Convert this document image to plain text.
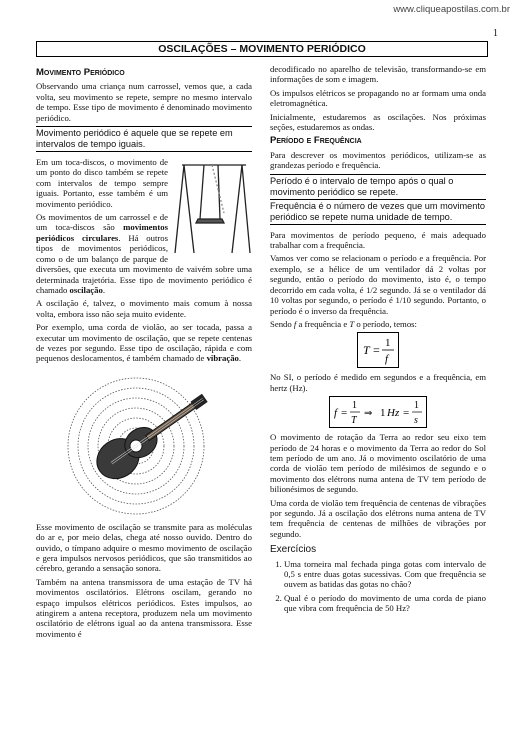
www.cliqueapostilas.com.br
1
OSCILAÇÕES – MOVIMENTO PERIÓDICO
Movimento Periódico

Observando uma criança num carrossel, vemos que, a cada volta, seu movimento se repete, sempre no mesmo intervalo de tempo. Esse tipo de movimento é denominado movimento periódico.

Movimento periódico é aquele que se repete em intervalos de tempo iguais.

Em um toca-discos, o movimento de um ponto do disco também se repete com intervalos de tempo sempre iguais. Portanto, esse também é um movimento periódico.

Os movimentos de um carrossel e de um toca-discos são movimentos periódicos circulares. Há outros tipos de movimentos periódicos, como o de um balanço de parque de diversões, que executa um movimento de vaivém sobre uma determinada trajetória. Esse tipo de movimento periódico é chamado oscilação.

A oscilação é, talvez, o movimento mais comum à nossa volta, embora isso não seja muito evidente.

Por exemplo, uma corda de violão, ao ser tocada, passa a executar um movimento de oscilação, que se repete centenas de vezes por segundo. Esse tipo de oscilação, rápida e com pequenos deslocamentos, é também chamado de vibração.

Esse movimento de oscilação se transmite para as moléculas do ar e, por meio delas, chega até nosso ouvido. Dentro do ouvido, o tímpano adquire o mesmo movimento de oscilação e gera impulsos nervosos periódicos, que são transmitidos ao cérebro, gerando a sensação sonora.

Também na antena transmissora de uma estação de TV há movimentos oscilatórios. Elétrons oscilam, gerando no espaço impulsos elétricos periódicos. Estes impulsos, ao atingirem a antena receptora, produzem nela um movimento oscilatório de elétrons igual ao da antena transmissora. Esse movimento é

decodificado no aparelho de televisão, transformando-se em informações de som e imagem.

Os impulsos elétricos se propagando no ar formam uma onda eletromagnética.

Inicialmente, estudaremos as oscilações. Nos próximas seções, estudaremos as ondas.

Período e Frequência

Para descrever os movimentos periódicos, utilizam-se as grandezas período e frequência.

Período é o intervalo de tempo após o qual o movimento periódico se repete.
Frequência é o número de vezes que um movimento periódico se repete numa unidade de tempo.

Para movimentos de período pequeno, é mais adequado trabalhar com a frequência.

Vamos ver como se relacionam o período e a frequência. Por exemplo, se a hélice de um ventilador dá 2 voltas por segundo, então o período do movimento, isto é, o tempo decorrido em cada volta, é 1/2 segundo. Já se o ventilador dá 10 voltas por segundo, o período é 1/10 segundo. Portanto, o período é o inverso da frequência.

Sendo f a frequência e T o período, temos:

T = 1
f

No SI, o período é medido em segundos e a frequência, em hertz (Hz).

f =
1
T
⇒ 1 Hz =
1
s

O movimento de rotação da Terra ao redor seu eixo tem período de 24 horas e o movimento da Terra ao redor do Sol tem período de um ano. Já o movimento oscilatório de uma corda de violão tem período de milésimos de segundo e o movimento dos elétrons numa antena de TV tem período de bilionésimos de segundo.

Uma corda de violão tem frequência de centenas de vibrações por segundo. Já a oscilação dos elétrons numa antena de TV tem frequência de centenas de milhões de vibrações por segundo.

Exercícios
1. Uma torneira mal fechada pinga gotas com intervalo de 0,5 s entre duas gotas sucessivas. Com que frequência se ouvem as batidas das gotas no chão?
2. Qual é o período do movimento de uma corda de piano que vibra com frequência de 50 Hz?
